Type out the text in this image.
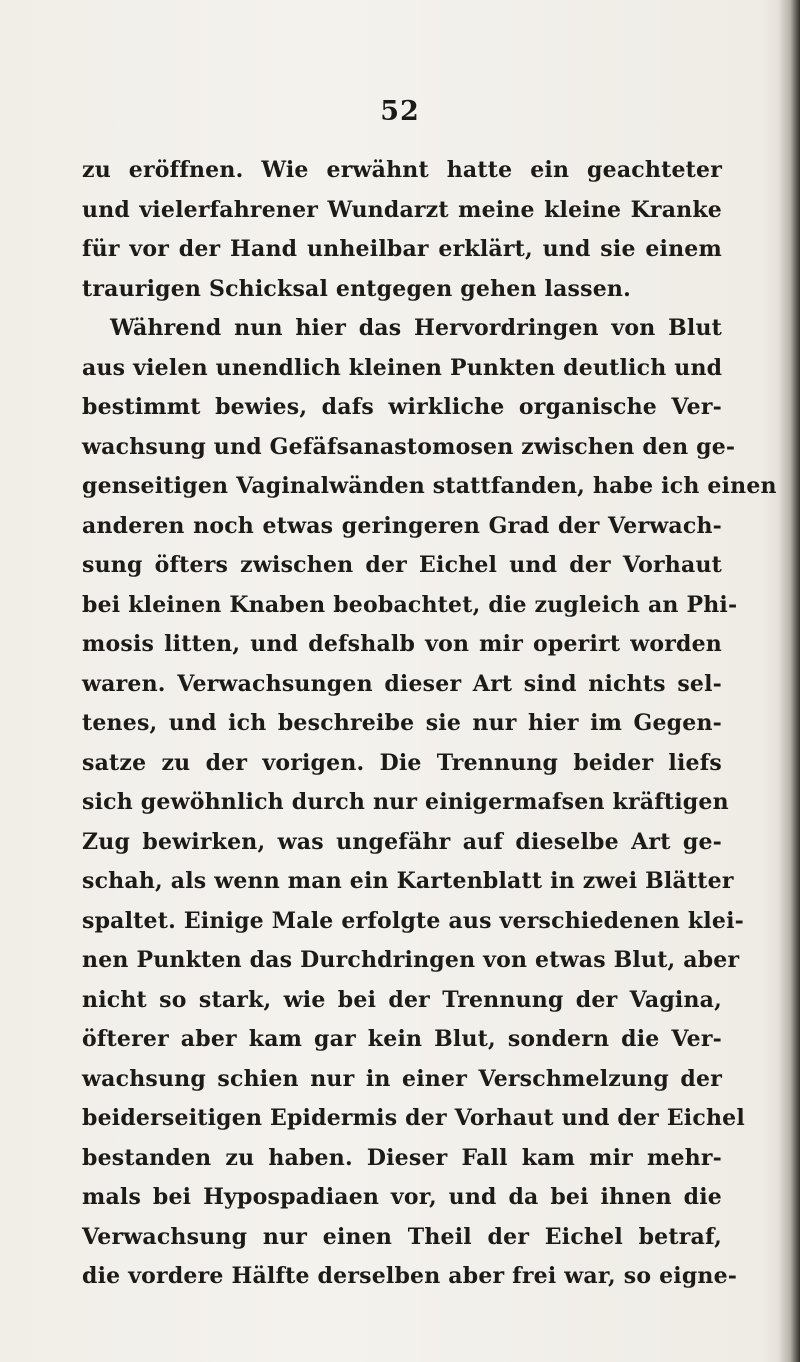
52
zu eröffnen. Wie erwähnt hatte ein geachteter
und vielerfahrener Wundarzt meine kleine Kranke
für vor der Hand unheilbar erklärt, und sie einem
traurigen Schicksal entgegen gehen lassen.
Während nun hier das Hervordringen von Blut
aus vielen unendlich kleinen Punkten deutlich und
bestimmt bewies, dafs wirkliche organische Ver-
wachsung und Gefäfsanastomosen zwischen den ge-
genseitigen Vaginalwänden stattfanden, habe ich einen
anderen noch etwas geringeren Grad der Verwach-
sung öfters zwischen der Eichel und der Vorhaut
bei kleinen Knaben beobachtet, die zugleich an Phi-
mosis litten, und defshalb von mir operirt worden
waren. Verwachsungen dieser Art sind nichts sel-
tenes, und ich beschreibe sie nur hier im Gegen-
satze zu der vorigen. Die Trennung beider liefs
sich gewöhnlich durch nur einigermafsen kräftigen
Zug bewirken, was ungefähr auf dieselbe Art ge-
schah, als wenn man ein Kartenblatt in zwei Blätter
spaltet. Einige Male erfolgte aus verschiedenen klei-
nen Punkten das Durchdringen von etwas Blut, aber
nicht so stark, wie bei der Trennung der Vagina,
öfterer aber kam gar kein Blut, sondern die Ver-
wachsung schien nur in einer Verschmelzung der
beiderseitigen Epidermis der Vorhaut und der Eichel
bestanden zu haben. Dieser Fall kam mir mehr-
mals bei Hypospadiaen vor, und da bei ihnen die
Verwachsung nur einen Theil der Eichel betraf,
die vordere Hälfte derselben aber frei war, so eigne-
